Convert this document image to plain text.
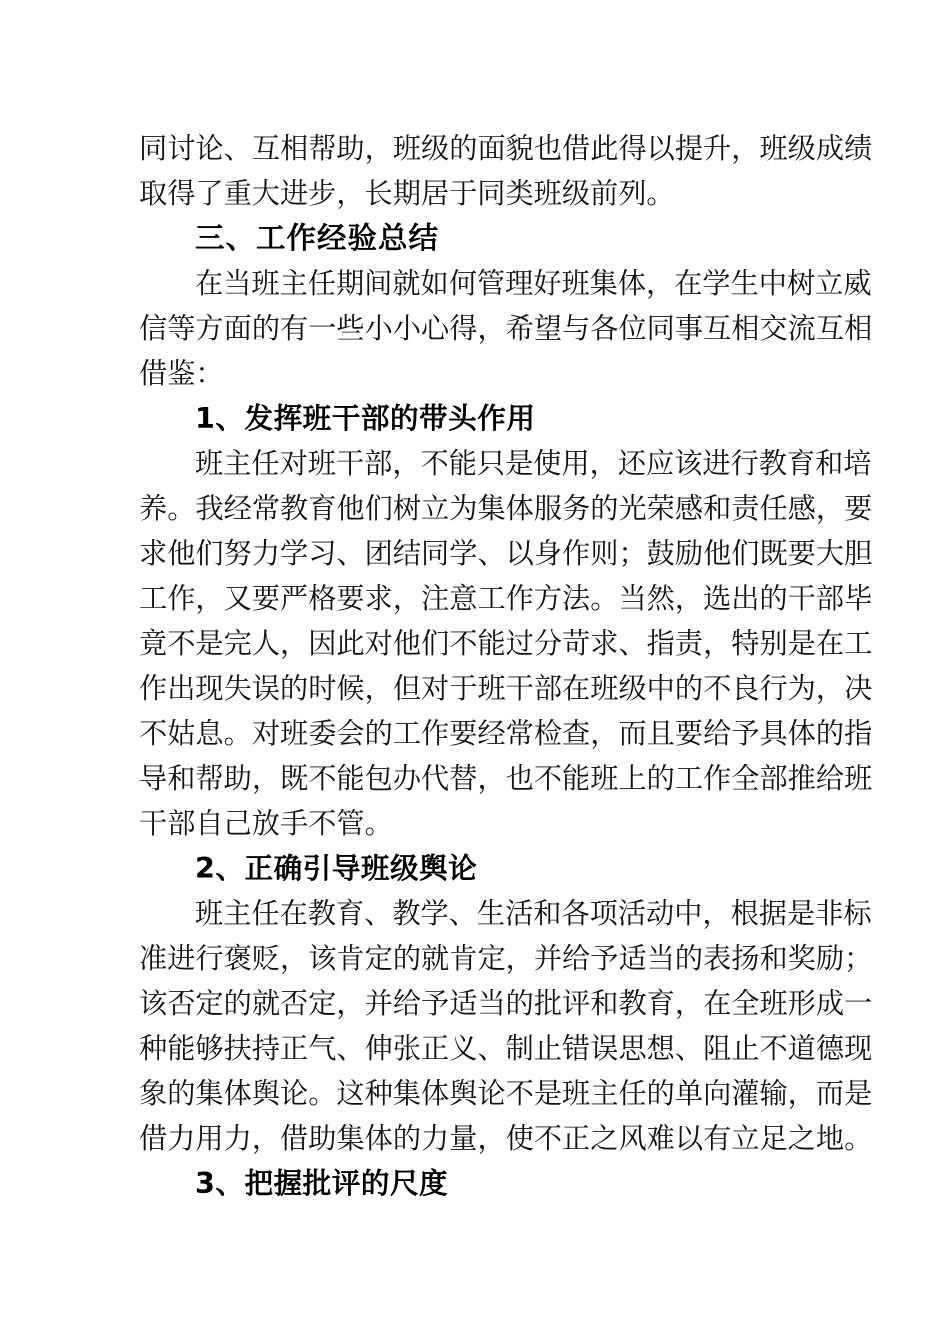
同 讨 论 、 互 相 帮 助 ， 班 级 的 面 貌 也 借 此 得 以 提 升 ， 班 级 成 绩
取得了重大进步，长期居于同类班级前列。
三、工作经验总结
在当班主任期间就如何管理好班集体，在学生中树立威
信 等 方 面 的 有 一 些 小 小 心 得 ， 希 望 与 各 位 同 事 互 相 交 流 互 相
借鉴：
1、发挥班干部的带头作用
班主任对班干部，不能只是使用，还应该进行教育和培
养 。 我 经 常 教 育 他 们 树 立 为 集 体 服 务 的 光 荣 感 和 责 任 感 ， 要
求 他 们 努 力 学 习 、 团 结 同 学 、 以 身 作 则 ； 鼓 励 他 们 既 要 大 胆
工 作 ， 又 要 严 格 要 求 ， 注 意 工 作 方 法 。 当 然 ， 选 出 的 干 部 毕
竟 不 是 完 人 ， 因 此 对 他 们 不 能 过 分 苛 求 、 指 责 ， 特 别 是 在 工
作 出 现 失 误 的 时 候 ， 但 对 于 班 干 部 在 班 级 中 的 不 良 行 为 ， 决
不 姑 息 。 对 班 委 会 的 工 作 要 经 常 检 查 ， 而 且 要 给 予 具 体 的 指
导 和 帮 助 ， 既 不 能 包 办 代 替 ， 也 不 能 班 上 的 工 作 全 部 推 给 班
干部自己放手不管。
2、正确引导班级舆论
班主任在教育、教学、生活和各项活动中，根据是非标
准 进 行 褒 贬 ， 该 肯 定 的 就 肯 定 ， 并 给 予 适 当 的 表 扬 和 奖 励 ；
该 否 定 的 就 否 定 ， 并 给 予 适 当 的 批 评 和 教 育 ， 在 全 班 形 成 一
种 能 够 扶 持 正 气 、 伸 张 正 义 、 制 止 错 误 思 想 、 阻 止 不 道 德 现
象 的 集 体 舆 论 。 这 种 集 体 舆 论 不 是 班 主 任 的 单 向 灌 输 ， 而 是
借 力 用 力 ， 借 助 集 体 的 力 量 ， 使 不 正 之 风 难 以 有 立 足 之 地 。
3、把握批评的尺度
